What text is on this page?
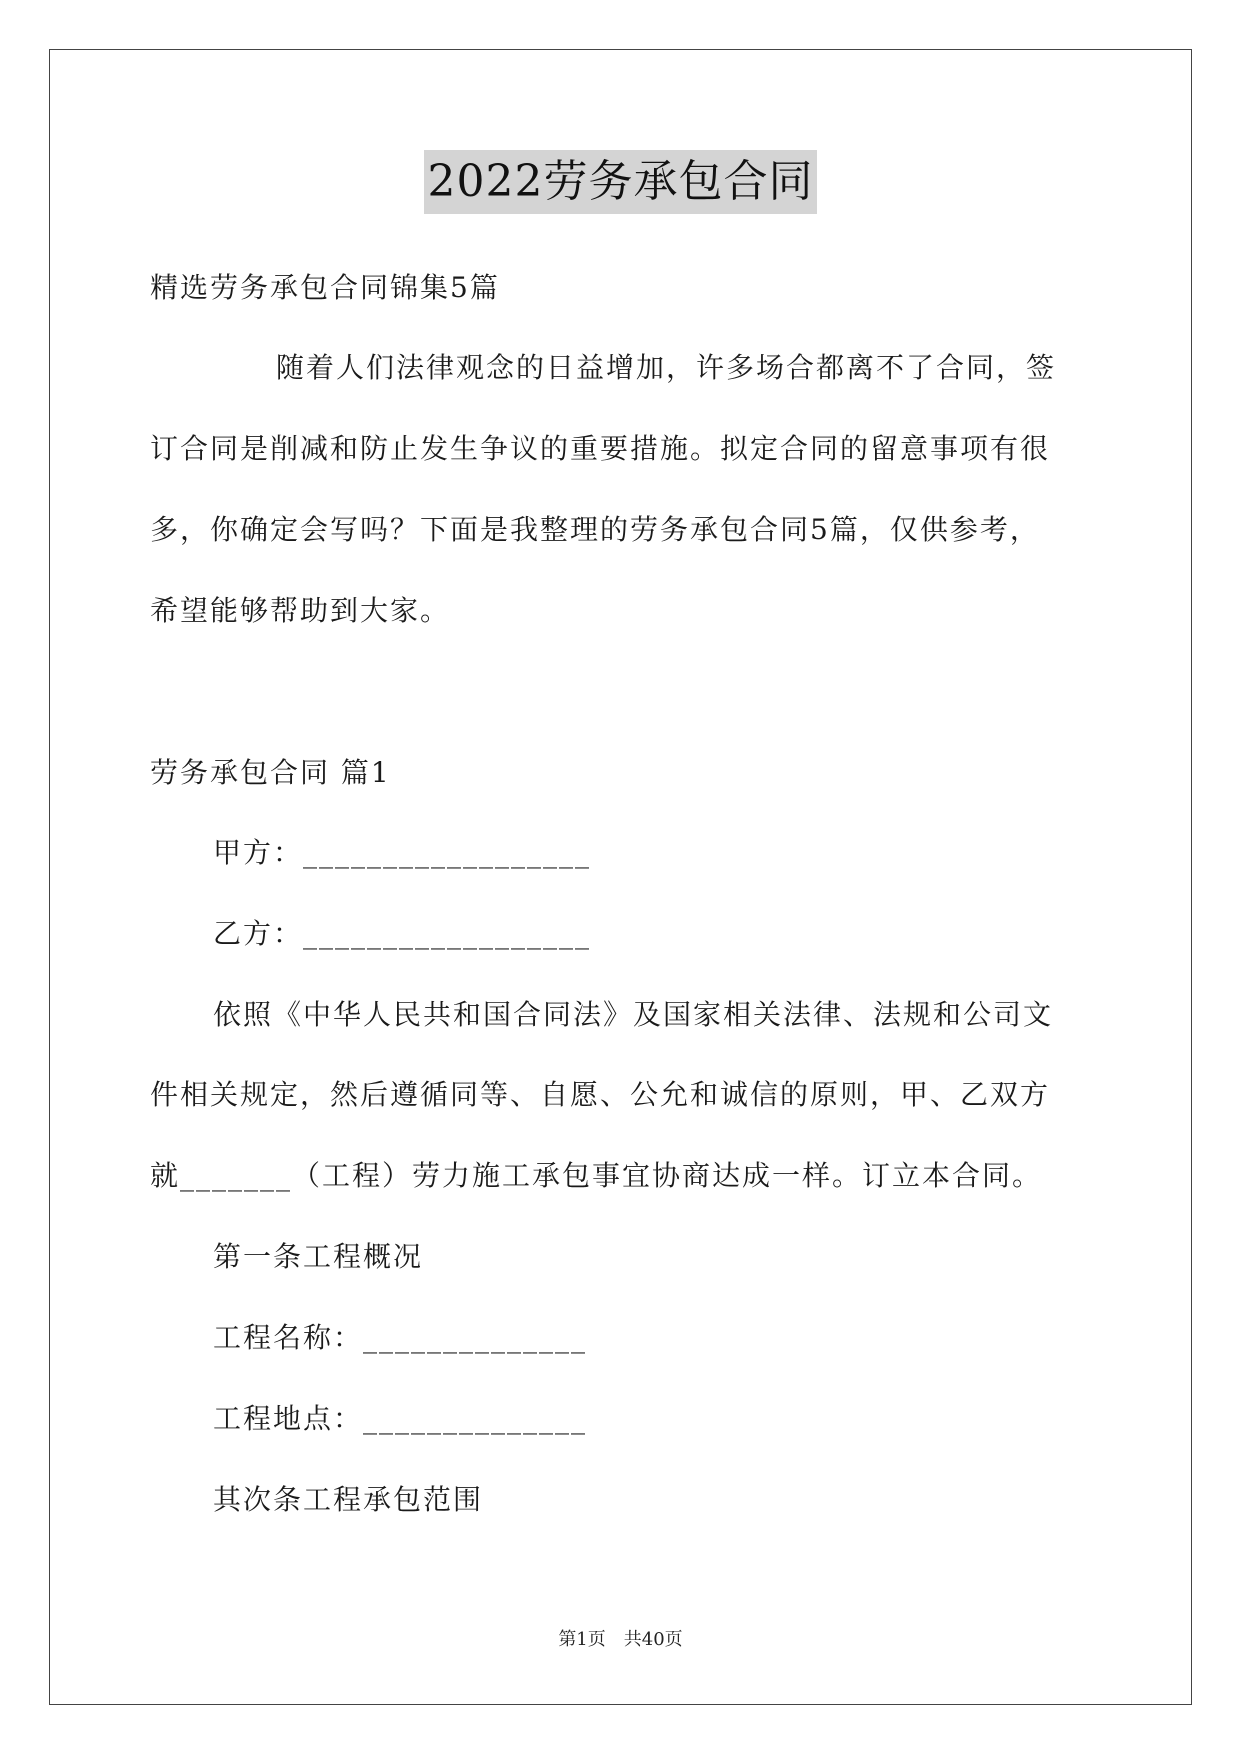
2022劳务承包合同
精选劳务承包合同锦集5篇
随着人们法律观念的日益增加，许多场合都离不了合同，签
订合同是削减和防止发生争议的重要措施。拟定合同的留意事项有很
多，你确定会写吗？下面是我整理的劳务承包合同5篇，仅供参考，
希望能够帮助到大家。
劳务承包合同 篇1
甲方：__________________
乙方：__________________
依照《中华人民共和国合同法》及国家相关法律、法规和公司文
件相关规定，然后遵循同等、自愿、公允和诚信的原则，甲、乙双方
就_______（工程）劳力施工承包事宜协商达成一样。订立本合同。
第一条工程概况
工程名称：______________
工程地点：______________
其次条工程承包范围
第1页　共40页
